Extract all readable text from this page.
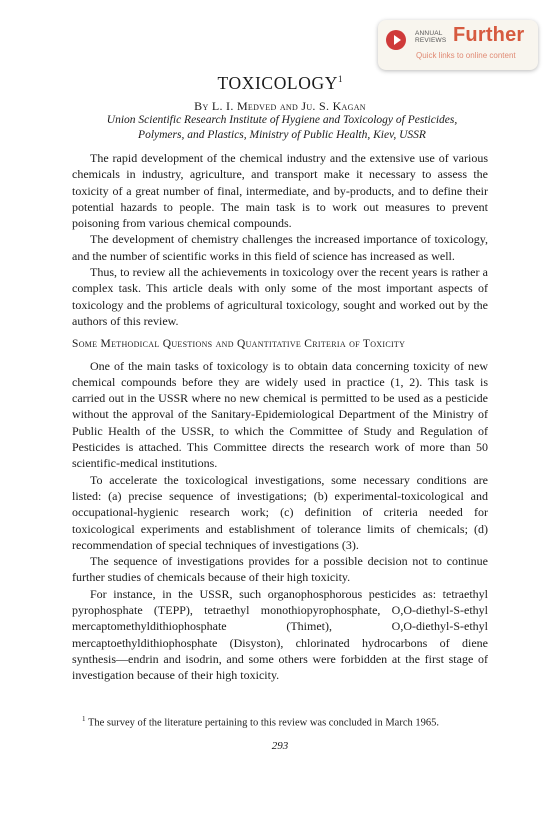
ANNUAL
REVIEWS Further
Quick links to online content
TOXICOLOGY$^1$
By L. I. Medved and Ju. S. Kagan
Union Scientific Research Institute of Hygiene and Toxicology of Pesticides,
Polymers, and Plastics, Ministry of Public Health, Kiev, USSR

The rapid development of the chemical industry and the extensive use of various chemicals in industry, agriculture, and transport make it necessary to assess the toxicity of a great number of final, intermediate, and by-products, and to define their potential hazards to people. The main task is to work out measures to prevent poisoning from various chemical compounds.

The development of chemistry challenges the increased importance of toxicology, and the number of scientific works in this field of science has increased as well.

Thus, to review all the achievements in toxicology over the recent years is rather a complex task. This article deals with only some of the most important aspects of toxicology and the problems of agricultural toxicology, sought and worked out by the authors of this review.

Some Methodical Questions and Quantitative Criteria of Toxicity

One of the main tasks of toxicology is to obtain data concerning toxicity of new chemical compounds before they are widely used in practice (1, 2). This task is carried out in the USSR where no new chemical is permitted to be used as a pesticide without the approval of the Sanitary-Epidemiological Department of the Ministry of Public Health of the USSR, to which the Committee of Study and Regulation of Pesticides is attached. This Committee directs the research work of more than 50 scientific-medical institutions.

To accelerate the toxicological investigations, some necessary conditions are listed: (a) precise sequence of investigations; (b) experimental-toxicological and occupational-hygienic research work; (c) definition of criteria needed for toxicological experiments and establishment of tolerance limits of chemicals; (d) recommendation of special techniques of investigations (3).

The sequence of investigations provides for a possible decision not to continue further studies of chemicals because of their high toxicity.

For instance, in the USSR, such organophosphorous pesticides as: tetraethyl pyrophosphate (TEPP), tetraethyl monothiopyrophosphate, O,O-diethyl-S-ethyl mercaptomethyldithiophosphate (Thimet), O,O-diethyl-S-ethyl mercaptoethyldithiophosphate (Disyston), chlorinated hydrocarbons of diene synthesis—endrin and isodrin, and some others were forbidden at the first stage of investigation because of their high toxicity.

$^1$ The survey of the literature pertaining to this review was concluded in March 1965.
293
